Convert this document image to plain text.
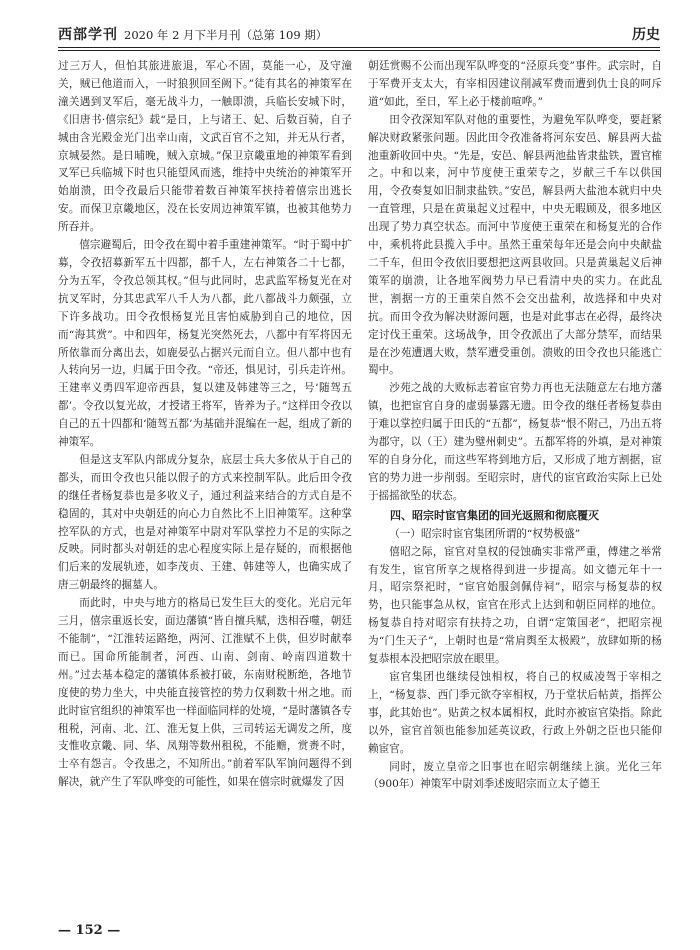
西部学刊 2020 年 2 月下半月刊（总第 109 期）	历史

过三万人，但怕其旅进旅退，军心不固，莫能一心，及守潼关，贼已他道而入，一时狼狈回至阙下。”徒有其名的神策军在潼关遇到叉军后，毫无战斗力，一触即溃，兵临长安城下时，《旧唐书·僖宗纪》载“是日，上与诸王、妃、后数百骑，自子城由含光殿金光门出幸山南，文武百官不之知，并无从行者，京城晏然。是日晡晚，贼入京城。”保卫京畿重地的神策军看到叉军已兵临城下时也只能望风而逃，维持中央统治的神策军开始崩溃，田令孜最后只能带着数百神策军挟持着僖宗出逃长安。而保卫京畿地区，没在长安周边神策军镇，也被其他势力所吞并。

僖宗避蜀后，田令孜在蜀中着手重建神策军。“时于蜀中扩募，令孜招募新军五十四都，都千人，左右神策各二十七都，分为五军，令孜总领其权。”但与此同时，忠武监军杨复光在对抗叉军时，分其忠武军八千人为八都，此八都战斗力颇强，立下许多战功。田令孜恨杨复光且害怕威胁到自己的地位，因而“海其赏”。中和四年，杨复光突然死去，八都中有军将因无所依靠而分离出去，如鹿晏弘占据兴元而自立。但八都中也有人转向另一边，归属于田令孜。“帝还，惧见讨，引兵走许州。王建率义勇四军迎帝西县，复以建及韩建等三之，号‘随驾五都’。令孜以复光故，才授诸王将军，皆养为子。”这样田令孜以自己的五十四都和‘随驾五都’为基础并混编在一起，组成了新的神策军。

但是这支军队内部成分复杂，底层士兵大多依从于自己的都头，而田令孜也只能以假子的方式来控制军队。此后田令孜的继任者杨复恭也是多收义子，通过利益来结合的方式自是不稳固的，其对中央朝廷的向心力自然比不上旧神策军。这种掌控军队的方式，也是对神策军中尉对军队掌控力不足的实际之反映。同时都头对朝廷的忠心程度实际上是存疑的，而根据他们后来的发展轨迹，如李茂贞、王建、韩建等人，也确实成了唐三朝最终的掘墓人。

而此时，中央与地方的格局已发生巨大的变化。光启元年三月，僖宗重返长安，面边藩镇“皆自擅兵赋，迭相吞噬，朝廷不能制”，“江淮转运路绝，两河、江淮赋不上供，但岁时献奉而已。国命所能制者，河西、山南、剑南、岭南四道数十州。”过去基本稳定的藩镇体系被打破，东南财税断绝，各地节度使的势力坐大，中央能直接管控的势力仅剩数十州之地。而此时宦官组织的神策军也一样面临同样的处境，“是时藩镇各专租税，河南、北、江、淮无复上供，三司转运无调发之所，度支惟收京畿、同、华、凤翔等数州租税，不能赡，赏赉不时，士卒有怨言。令孜患之，不知所出。”前着军队军饷问题得不到解决，就产生了军队哗变的可能性，如果在僖宗时就爆发了因

朝廷赏赐不公而出现军队哗变的“泾原兵变”事件。武宗时，自于军费开支太大，有宰相因建议削减军费而遭到仇士良的呵斥道“如此，至日，军上必于楼前喧哗。”

田令孜深知军队对他的重要性，为避免军队哗变，要赶紧解决财政紧张问题。因此田令孜准备将河东安邑、解县两大盐池重新收回中央。“先是，安邑、解县两池盐皆隶盐铁，置官榷之。中和以来，河中节度使王重荣专之，岁献三千车以供国用，令孜奏复如旧制隶盐铁。”安邑，解县两大盐池本就归中央一直管理，只是在黄巢起义过程中，中央无暇顾及，很多地区出现了势力真空状态。而河中节度使王重荣在和杨复光的合作中，乘机将此县揽入手中。虽然王重荣每年还是会向中央献盐二千车，但田令孜依旧要想把这两县收回。只是黄巢起义后神策军的崩溃，让各地军阀势力早已看清中央的实力。在此乱世，割据一方的王重荣自然不会交出盐利，故选择和中央对抗。而田令孜为解决财源问题，也是对此事志在必得，最终决定讨伐王重荣。这场战争，田令孜派出了大部分禁军，而结果是在沙苑遭遇大败，禁军遭受重创。溃败的田令孜也只能逃亡蜀中。

沙苑之战的大败标志着宦官势力再也无法随意左右地方藩镇，也把宦官自身的虚弱暴露无遗。田令孜的继任者杨复恭由于难以掌控归属于田氏的“五都”，杨复恭“恨不附己，乃出五将为郡守，以（王）建为璧州刺史”。五都军将的外填，是对神策军的自身分化，而这些军将到地方后，又形成了地方割据，宦官的势力进一步削弱。至昭宗时，唐代的宦官政治实际上已处于摇摇欲坠的状态。

四、昭宗时宦官集团的回光返照和彻底覆灭
（一）昭宗时宦官集团所谓的“权势极盛”

僖昭之际，宦官对皇权的侵蚀确实非常严重，傅建之举常有发生，宦官所享之规格得到进一步提高。如文德元年十一月，昭宗祭祀时，“宦官始服剑佩侍祠”，昭宗与杨复恭的权势，也只能事急从权，宦官在形式上达到和朝臣同样的地位。杨复恭自持对昭宗有扶持之功，自谓“定策国老”，把昭宗视为“门生天子”，上朝时也是“常肩舆至太极殿”，放肆如斯的杨复恭根本没把昭宗放在眼里。

宦官集团也继续侵蚀相权，将自己的权威凌驾于宰相之上，“杨复恭、西门季元欲夺宰相权，乃于堂状后帖黄，指挥公事，此其始也”。贴黄之权本属相权，此时亦被宦官染指。除此以外，宦官首领也能参加延英议政，行政上外朝之臣也只能仰赖宦官。

同时，废立皇帝之旧事也在昭宗朝继续上演。光化三年（900年）神策军中尉刘季述废昭宗而立太子德王

— 152 —
